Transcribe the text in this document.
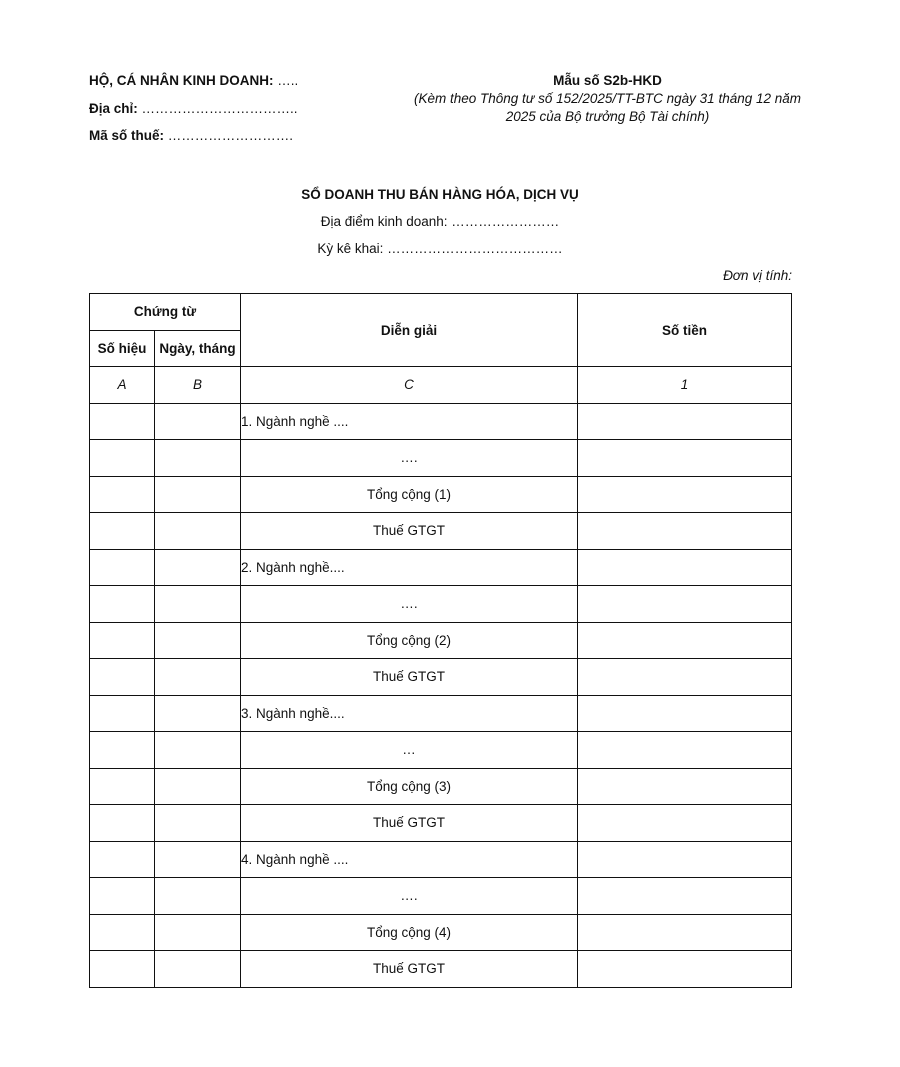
HỘ, CÁ NHÂN KINH DOANH: …..
Địa chỉ: ……………………………..
Mã số thuế: ……………………….
Mẫu số S2b-HKD
(Kèm theo Thông tư số 152/2025/TT-BTC ngày 31 tháng 12 năm 2025 của Bộ trưởng Bộ Tài chính)
SỔ DOANH THU BÁN HÀNG HÓA, DỊCH VỤ
Địa điểm kinh doanh: ……………………
Kỳ kê khai: …………………………………
Đơn vị tính:
Chứng từ		Diễn giải	Số tiền
Số hiệu	Ngày, tháng		
A	B	C	1
		1. Ngành nghề ....	
		….	
		Tổng cộng (1)	
		Thuế GTGT	
		2. Ngành nghề....	
		….	
		Tổng cộng (2)	
		Thuế GTGT	
		3. Ngành nghề....	
		…	
		Tổng cộng (3)	
		Thuế GTGT	
		4. Ngành nghề ....	
		….	
		Tổng cộng (4)	
		Thuế GTGT	
